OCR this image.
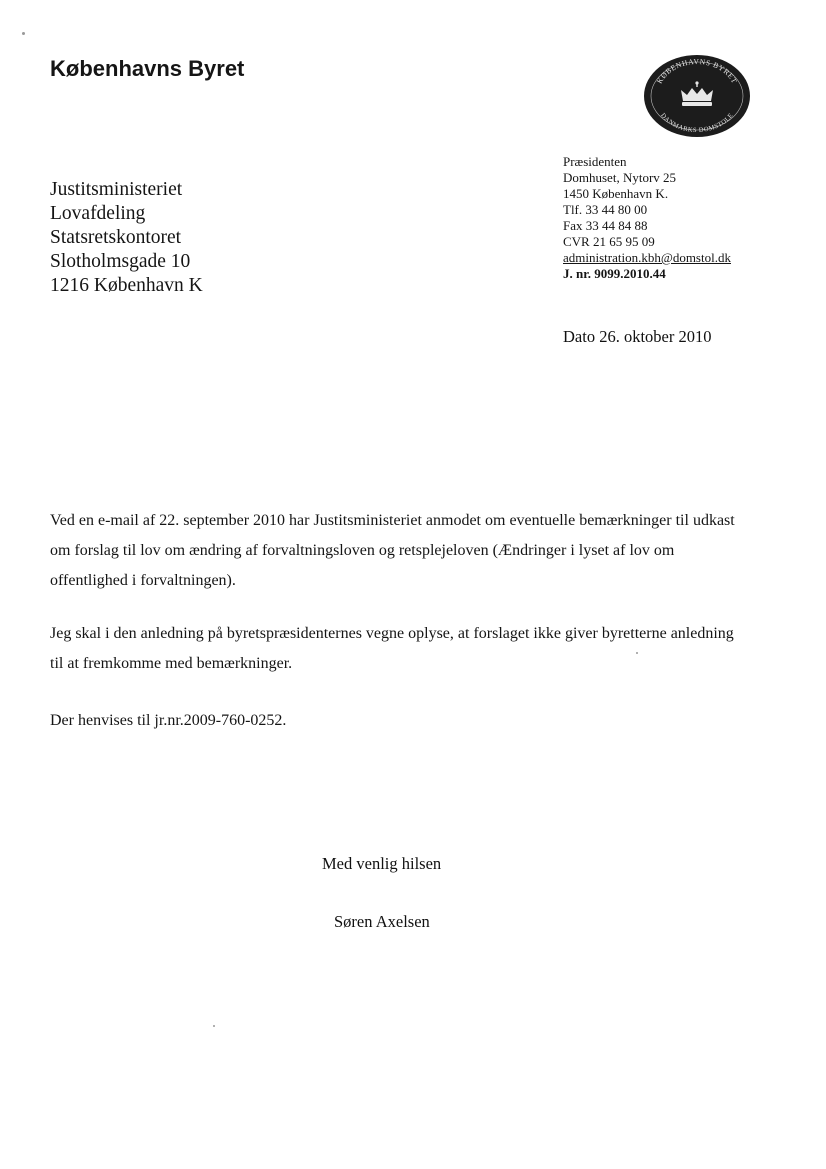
Københavns Byret	KØBENHAVNS BYRET
DANMARKS DOMSTOLE
Justitsministeriet
Lovafdeling
Statsretskontoret
Slotholmsgade 10
1216 København K
Præsidenten
Domhuset, Nytorv 25
1450 København K.
Tlf. 33 44 80 00
Fax 33 44 84 88
CVR 21 65 95 09
administration.kbh@domstol.dk
J. nr. 9099.2010.44
Dato 26. oktober 2010
Ved en e-mail af 22. september 2010 har Justitsministeriet anmodet om eventuelle bemærkninger til udkast om forslag til lov om ændring af forvaltningsloven og retsplejeloven (Ændringer i lyset af lov om offentlighed i forvaltningen).
Jeg skal i den anledning på byretspræsidenternes vegne oplyse, at forslaget ikke giver byretterne anledning til at fremkomme med bemærkninger.
Der henvises til jr.nr.2009-760-0252.
Med venlig hilsen
Søren Axelsen
